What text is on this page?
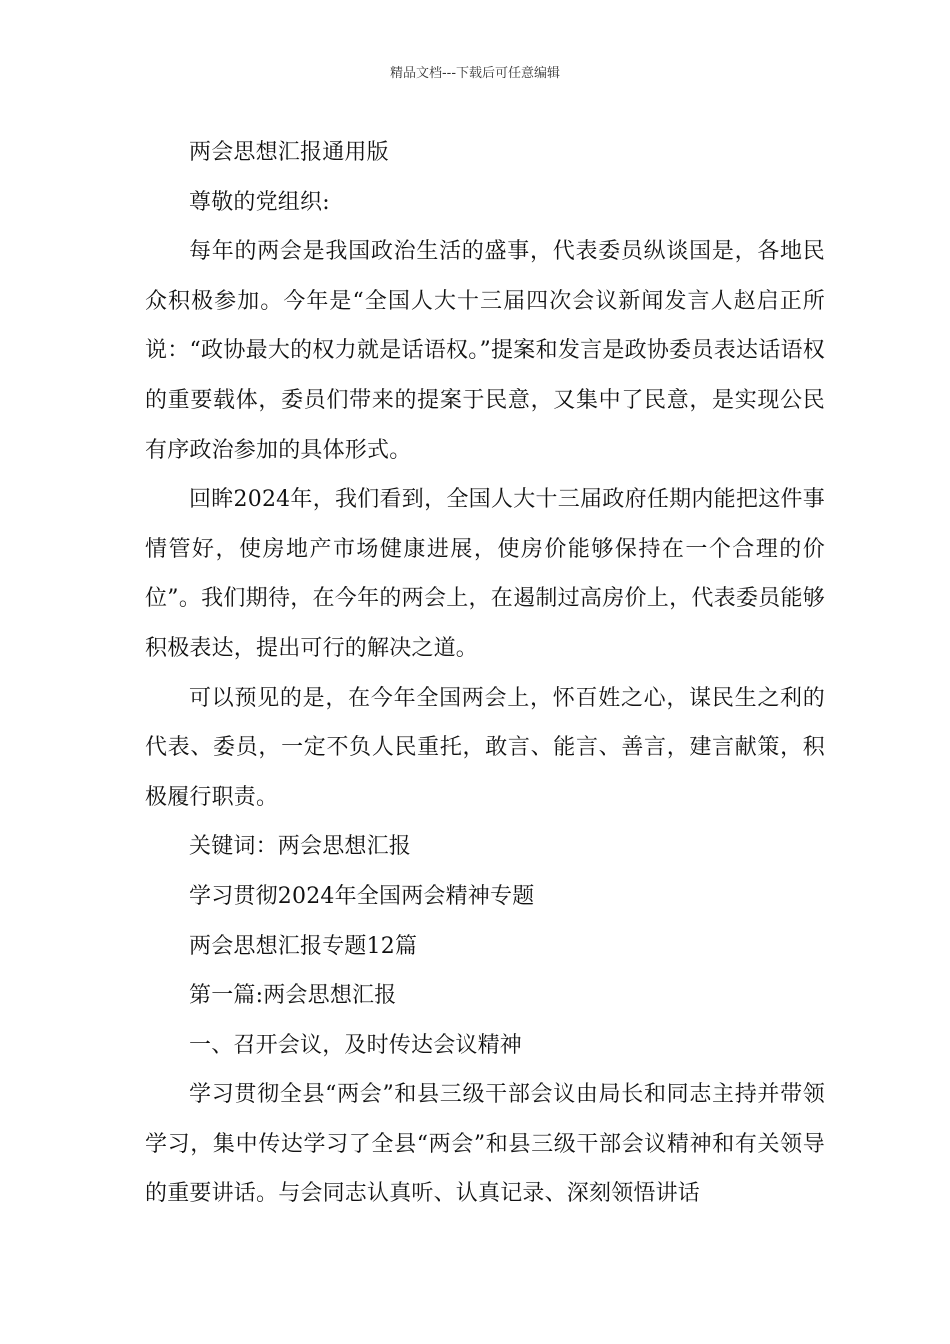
精品文档---下载后可任意编辑

两会思想汇报通用版

尊敬的党组织:

每年的两会是我国政治生活的盛事，代表委员纵谈国是，各地民众积极参加。今年是“全国人大十三届四次会议新闻发言人赵启正所说：“政协最大的权力就是话语权。”提案和发言是政协委员表达话语权的重要载体，委员们带来的提案于民意，又集中了民意，是实现公民有序政治参加的具体形式。

回眸2024年，我们看到，全国人大十三届政府任期内能把这件事情管好，使房地产市场健康进展，使房价能够保持在一个合理的价位”。我们期待，在今年的两会上，在遏制过高房价上，代表委员能够积极表达，提出可行的解决之道。

可以预见的是，在今年全国两会上，怀百姓之心，谋民生之利的代表、委员，一定不负人民重托，敢言、能言、善言，建言献策，积极履行职责。

关键词：两会思想汇报

学习贯彻2024年全国两会精神专题

两会思想汇报专题12篇

第一篇:两会思想汇报

一、召开会议，及时传达会议精神

学习贯彻全县“两会”和县三级干部会议由局长和同志主持并带领学习，集中传达学习了全县“两会”和县三级干部会议精神和有关领导的重要讲话。与会同志认真听、认真记录、深刻领悟讲话
